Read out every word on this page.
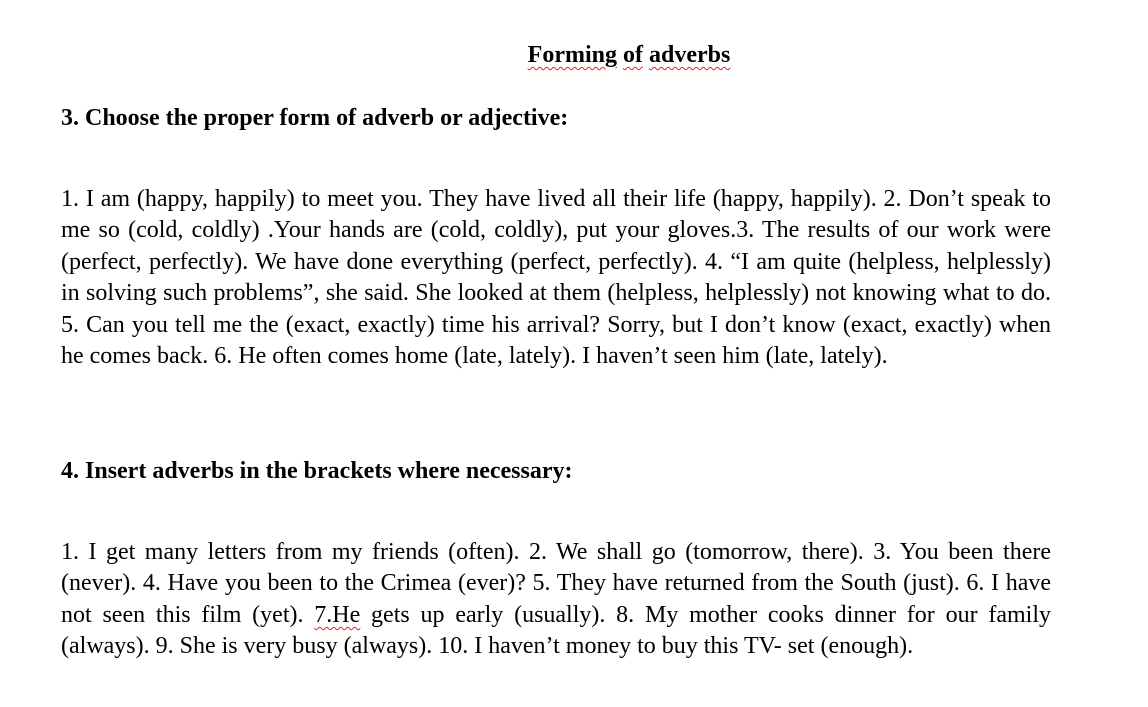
Forming of adverbs
3. Choose the proper form of adverb or adjective:

1. I am (happy, happily) to meet you. They have lived all their life (happy, happily). 2. Don’t speak to me so (cold, coldly) .Your hands are (cold, coldly), put your gloves.3. The results of our work were (perfect, perfectly). We have done everything (perfect, perfectly). 4. “I am quite (helpless, helplessly) in solving such problems”, she said. She looked at them (helpless, helplessly) not knowing what to do. 5. Can you tell me the (exact, exactly) time his arrival? Sorry, but I don’t know (exact, exactly) when he comes back. 6. He often comes home (late, lately). I haven’t seen him (late, lately).

4. Insert adverbs in the brackets where necessary:

1. I get many letters from my friends (often). 2. We shall go (tomorrow, there). 3. You been there (never). 4. Have you been to the Crimea (ever)? 5. They have returned from the South (just). 6. I have not seen this film (yet). 7.He gets up early (usually). 8. My mother cooks dinner for our family (always). 9. She is very busy (always). 10. I haven’t money to buy this TV- set (enough).
